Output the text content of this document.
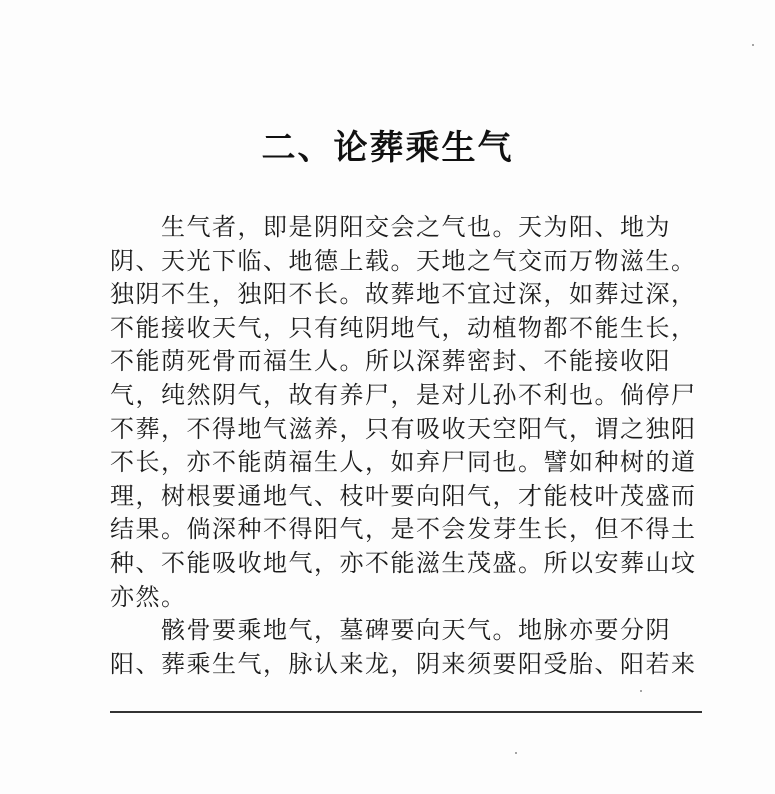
二、论葬乘生气
　　生气者，即是阴阳交会之气也。天为阳、地为
阴、天光下临、地德上载。天地之气交而万物滋生。
独阴不生，独阳不长。故葬地不宜过深，如葬过深，
不能接收天气，只有纯阴地气，动植物都不能生长，
不能荫死骨而福生人。所以深葬密封、不能接收阳
气，纯然阴气，故有养尸，是对儿孙不利也。倘停尸
不葬，不得地气滋养，只有吸收天空阳气，谓之独阳
不长，亦不能荫福生人，如弃尸同也。譬如种树的道
理，树根要通地气、枝叶要向阳气，才能枝叶茂盛而
结果。倘深种不得阳气，是不会发芽生长，但不得土
种、不能吸收地气，亦不能滋生茂盛。所以安葬山坟
亦然。
　　骸骨要乘地气，墓碑要向天气。地脉亦要分阴
阳、葬乘生气，脉认来龙，阴来须要阳受胎、阳若来
